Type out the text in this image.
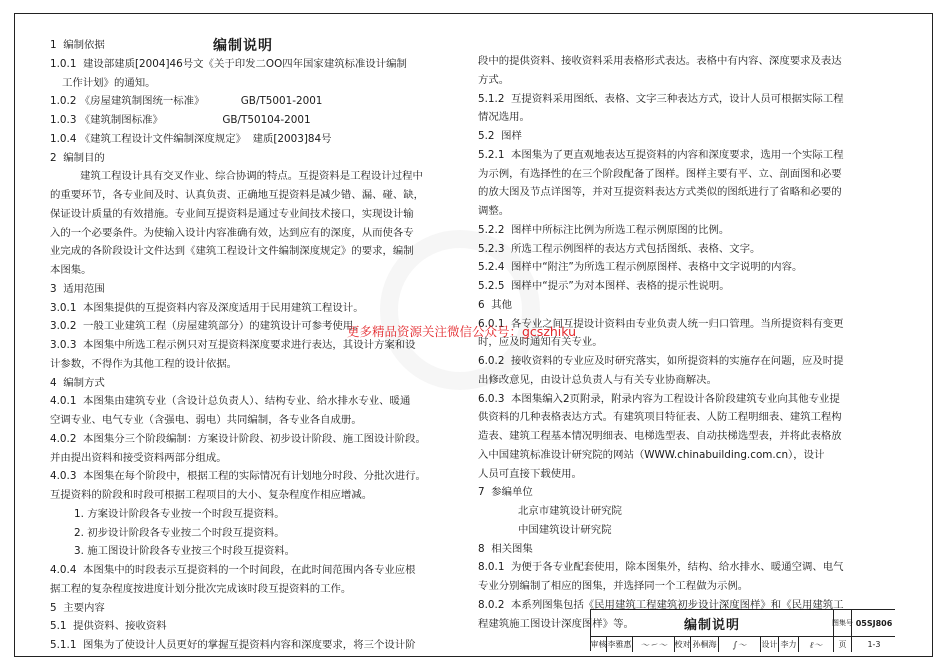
编制说明
1  编制依据
1.0.1  建设部建质[2004]46号文《关于印发二OO四年国家建筑标准设计编制
工作计划》的通知。
1.0.2 《房屋建筑制图统一标准》           GB/T5001-2001
1.0.3 《建筑制图标准》                  GB/T50104-2001
1.0.4 《建筑工程设计文件编制深度规定》  建质[2003]84号
2  编制目的
建筑工程设计具有交叉作业、综合协调的特点。互提资料是工程设计过程中
的重要环节，各专业间及时、认真负责、正确地互提资料是减少错、漏、碰、缺，
保证设计质量的有效措施。专业间互提资料是通过专业间技术接口，实现设计输
入的一个必要条件。为使输入设计内容准确有效，达到应有的深度，从而使各专
业完成的各阶段设计文件达到《建筑工程设计文件编制深度规定》的要求，编制
本图集。
3  适用范围
3.0.1  本图集提供的互提资料内容及深度适用于民用建筑工程设计。
3.0.2  一般工业建筑工程（房屋建筑部分）的建筑设计可参考使用。
3.0.3  本图集中所选工程示例只对互提资料深度要求进行表达，其设计方案和设
计参数，不得作为其他工程的设计依据。
4  编制方式
4.0.1  本图集由建筑专业（含设计总负责人）、结构专业、给水排水专业、暖通
空调专业、电气专业（含强电、弱电）共同编制，各专业各自成册。
4.0.2  本图集分三个阶段编制：方案设计阶段、初步设计阶段、施工图设计阶段。
并由提出资料和接受资料两部分组成。
4.0.3  本图集在每个阶段中，根据工程的实际情况有计划地分时段、分批次进行。
互提资料的阶段和时段可根据工程项目的大小、复杂程度作相应增减。
1. 方案设计阶段各专业按一个时段互提资料。
2. 初步设计阶段各专业按二个时段互提资料。
3. 施工图设计阶段各专业按三个时段互提资料。
4.0.4  本图集中的时段表示互提资料的一个时间段，在此时间范围内各专业应根
据工程的复杂程度按进度计划分批次完成该时段互提资料的工作。
5  主要内容
5.1  提供资料、接收资料
5.1.1  图集为了使设计人员更好的掌握互提资料内容和深度要求，将三个设计阶
段中的提供资料、接收资料采用表格形式表达。表格中有内容、深度要求及表达
方式。
5.1.2  互提资料采用图纸、表格、文字三种表达方式，设计人员可根据实际工程
情况选用。
5.2  图样
5.2.1  本图集为了更直观地表达互提资料的内容和深度要求，选用一个实际工程
为示例，有选择性的在三个阶段配备了图样。图样主要有平、立、剖面图和必要
的放大图及节点详图等，并对互提资料表达方式类似的图纸进行了省略和必要的
调整。
5.2.2  图样中所标注比例为所选工程示例原图的比例。
5.2.3  所选工程示例图样的表达方式包括图纸、表格、文字。
5.2.4  图样中“附注”为所选工程示例原图样、表格中文字说明的内容。
5.2.5  图样中“提示”为对本图样、表格的提示性说明。
6  其他
6.0.1  各专业之间互提设计资料由专业负责人统一归口管理。当所提资料有变更
时，应及时通知有关专业。
6.0.2  接收资料的专业应及时研究落实，如所提资料的实施存在问题，应及时提
出修改意见，由设计总负责人与有关专业协商解决。
6.0.3  本图集编入2页附录，附录内容为工程设计各阶段建筑专业向其他专业提
供资料的几种表格表达方式。有建筑项目特征表、人防工程明细表、建筑工程构
造表、建筑工程基本情况明细表、电梯选型表、自动扶梯选型表，并将此表格放
入中国建筑标准设计研究院的网站（WWW.chinabuilding.com.cn），设计
人员可直接下载使用。
7  参编单位
北京市建筑设计研究院
中国建筑设计研究院
8  相关图集
8.0.1  为便于各专业配套使用，除本图集外，结构、给水排水、暖通空调、电气
专业分别编制了相应的图集，并选择同一个工程做为示例。
8.0.2  本系列图集包括《民用建筑工程建筑初步设计深度图样》和《民用建筑工
程建筑施工图设计深度图样》等。
更多精品资源关注微信公众号：gcszhiku
编制说明	图集号 05SJ806
审核 李雅惠 〜㇀〜 校对 孙桐海	∫〜	设计 李力	ℓ〜	页	1-3
